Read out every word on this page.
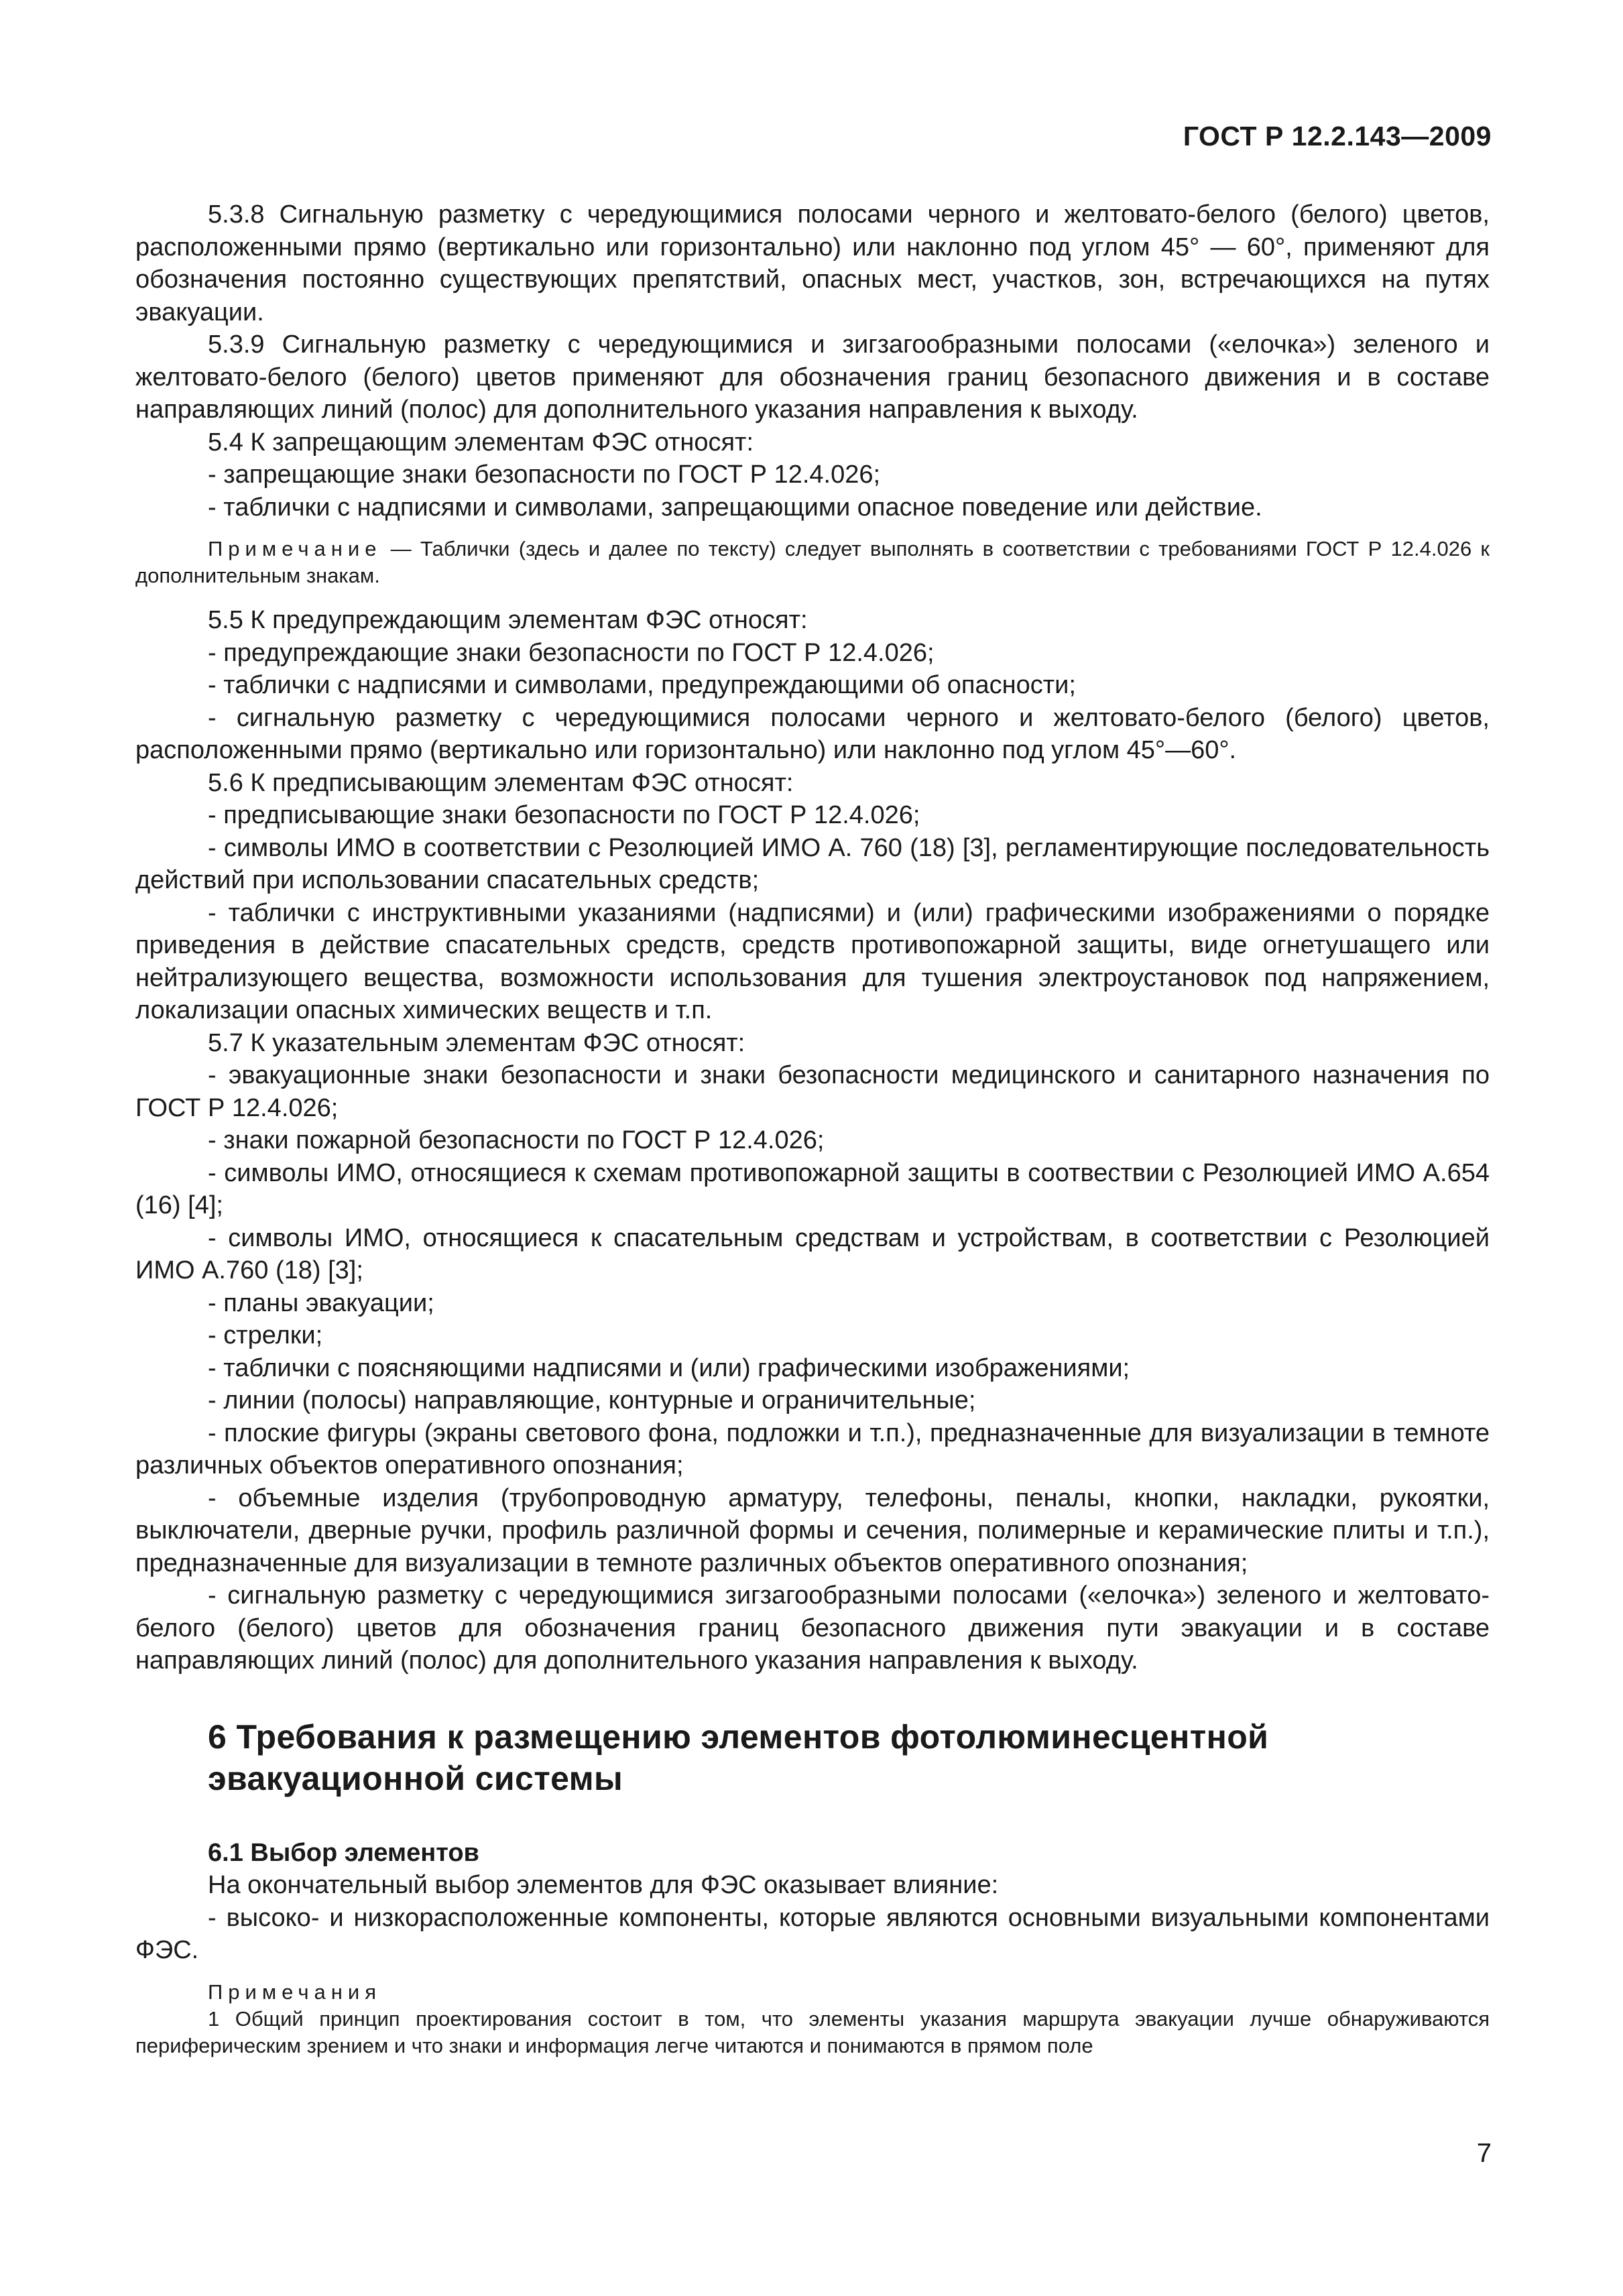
ГОСТ Р 12.2.143—2009

5.3.8 Сигнальную разметку с чередующимися полосами черного и желтовато-белого (белого) цветов, расположенными прямо (вертикально или горизонтально) или наклонно под углом 45° — 60°, применяют для обозначения постоянно существующих препятствий, опасных мест, участков, зон, встречающихся на путях эвакуации.

5.3.9 Сигнальную разметку с чередующимися и зигзагообразными полосами («елочка») зеленого и желтовато-белого (белого) цветов применяют для обозначения границ безопасного движения и в составе направляющих линий (полос) для дополнительного указания направления к выходу.

5.4 К запрещающим элементам ФЭС относят:

- запрещающие знаки безопасности по ГОСТ Р 12.4.026;

- таблички с надписями и символами, запрещающими опасное поведение или действие.

Примечание — Таблички (здесь и далее по тексту) следует выполнять в соответствии с требованиями ГОСТ Р 12.4.026 к дополнительным знакам.

5.5 К предупреждающим элементам ФЭС относят:

- предупреждающие знаки безопасности по ГОСТ Р 12.4.026;

- таблички с надписями и символами, предупреждающими об опасности;

- сигнальную разметку с чередующимися полосами черного и желтовато-белого (белого) цветов, расположенными прямо (вертикально или горизонтально) или наклонно под углом 45°—60°.

5.6 К предписывающим элементам ФЭС относят:

- предписывающие знаки безопасности по ГОСТ Р 12.4.026;

- символы ИМО в соответствии с Резолюцией ИМО А. 760 (18) [3], регламентирующие последовательность действий при использовании спасательных средств;

- таблички с инструктивными указаниями (надписями) и (или) графическими изображениями о порядке приведения в действие спасательных средств, средств противопожарной защиты, виде огнетушащего или нейтрализующего вещества, возможности использования для тушения электроустановок под напряжением, локализации опасных химических веществ и т.п.

5.7 К указательным элементам ФЭС относят:

- эвакуационные знаки безопасности и знаки безопасности медицинского и санитарного назначения по ГОСТ Р 12.4.026;

- знаки пожарной безопасности по ГОСТ Р 12.4.026;

- символы ИМО, относящиеся к схемам противопожарной защиты в соотвествии с Резолюцией ИМО А.654 (16) [4];

- символы ИМО, относящиеся к спасательным средствам и устройствам, в соответствии с Резолюцией ИМО А.760 (18) [3];

- планы эвакуации;

- стрелки;

- таблички с поясняющими надписями и (или) графическими изображениями;

- линии (полосы) направляющие, контурные и ограничительные;

- плоские фигуры (экраны светового фона, подложки и т.п.), предназначенные для визуализации в темноте различных объектов оперативного опознания;

- объемные изделия (трубопроводную арматуру, телефоны, пеналы, кнопки, накладки, рукоятки, выключатели, дверные ручки, профиль различной формы и сечения, полимерные и керамические плиты и т.п.), предназначенные для визуализации в темноте различных объектов оперативного опознания;

- сигнальную разметку с чередующимися зигзагообразными полосами («елочка») зеленого и желтовато-белого (белого) цветов для обозначения границ безопасного движения пути эвакуации и в составе направляющих линий (полос) для дополнительного указания направления к выходу.

6 Требования к размещению элементов фотолюминесцентной
эвакуационной системы

6.1 Выбор элементов

На окончательный выбор элементов для ФЭС оказывает влияние:

- высоко- и низкорасположенные компоненты, которые являются основными визуальными компонентами ФЭС.

Примечания

1 Общий принцип проектирования состоит в том, что элементы указания маршрута эвакуации лучше обнаруживаются периферическим зрением и что знаки и информация легче читаются и понимаются в прямом поле

7
